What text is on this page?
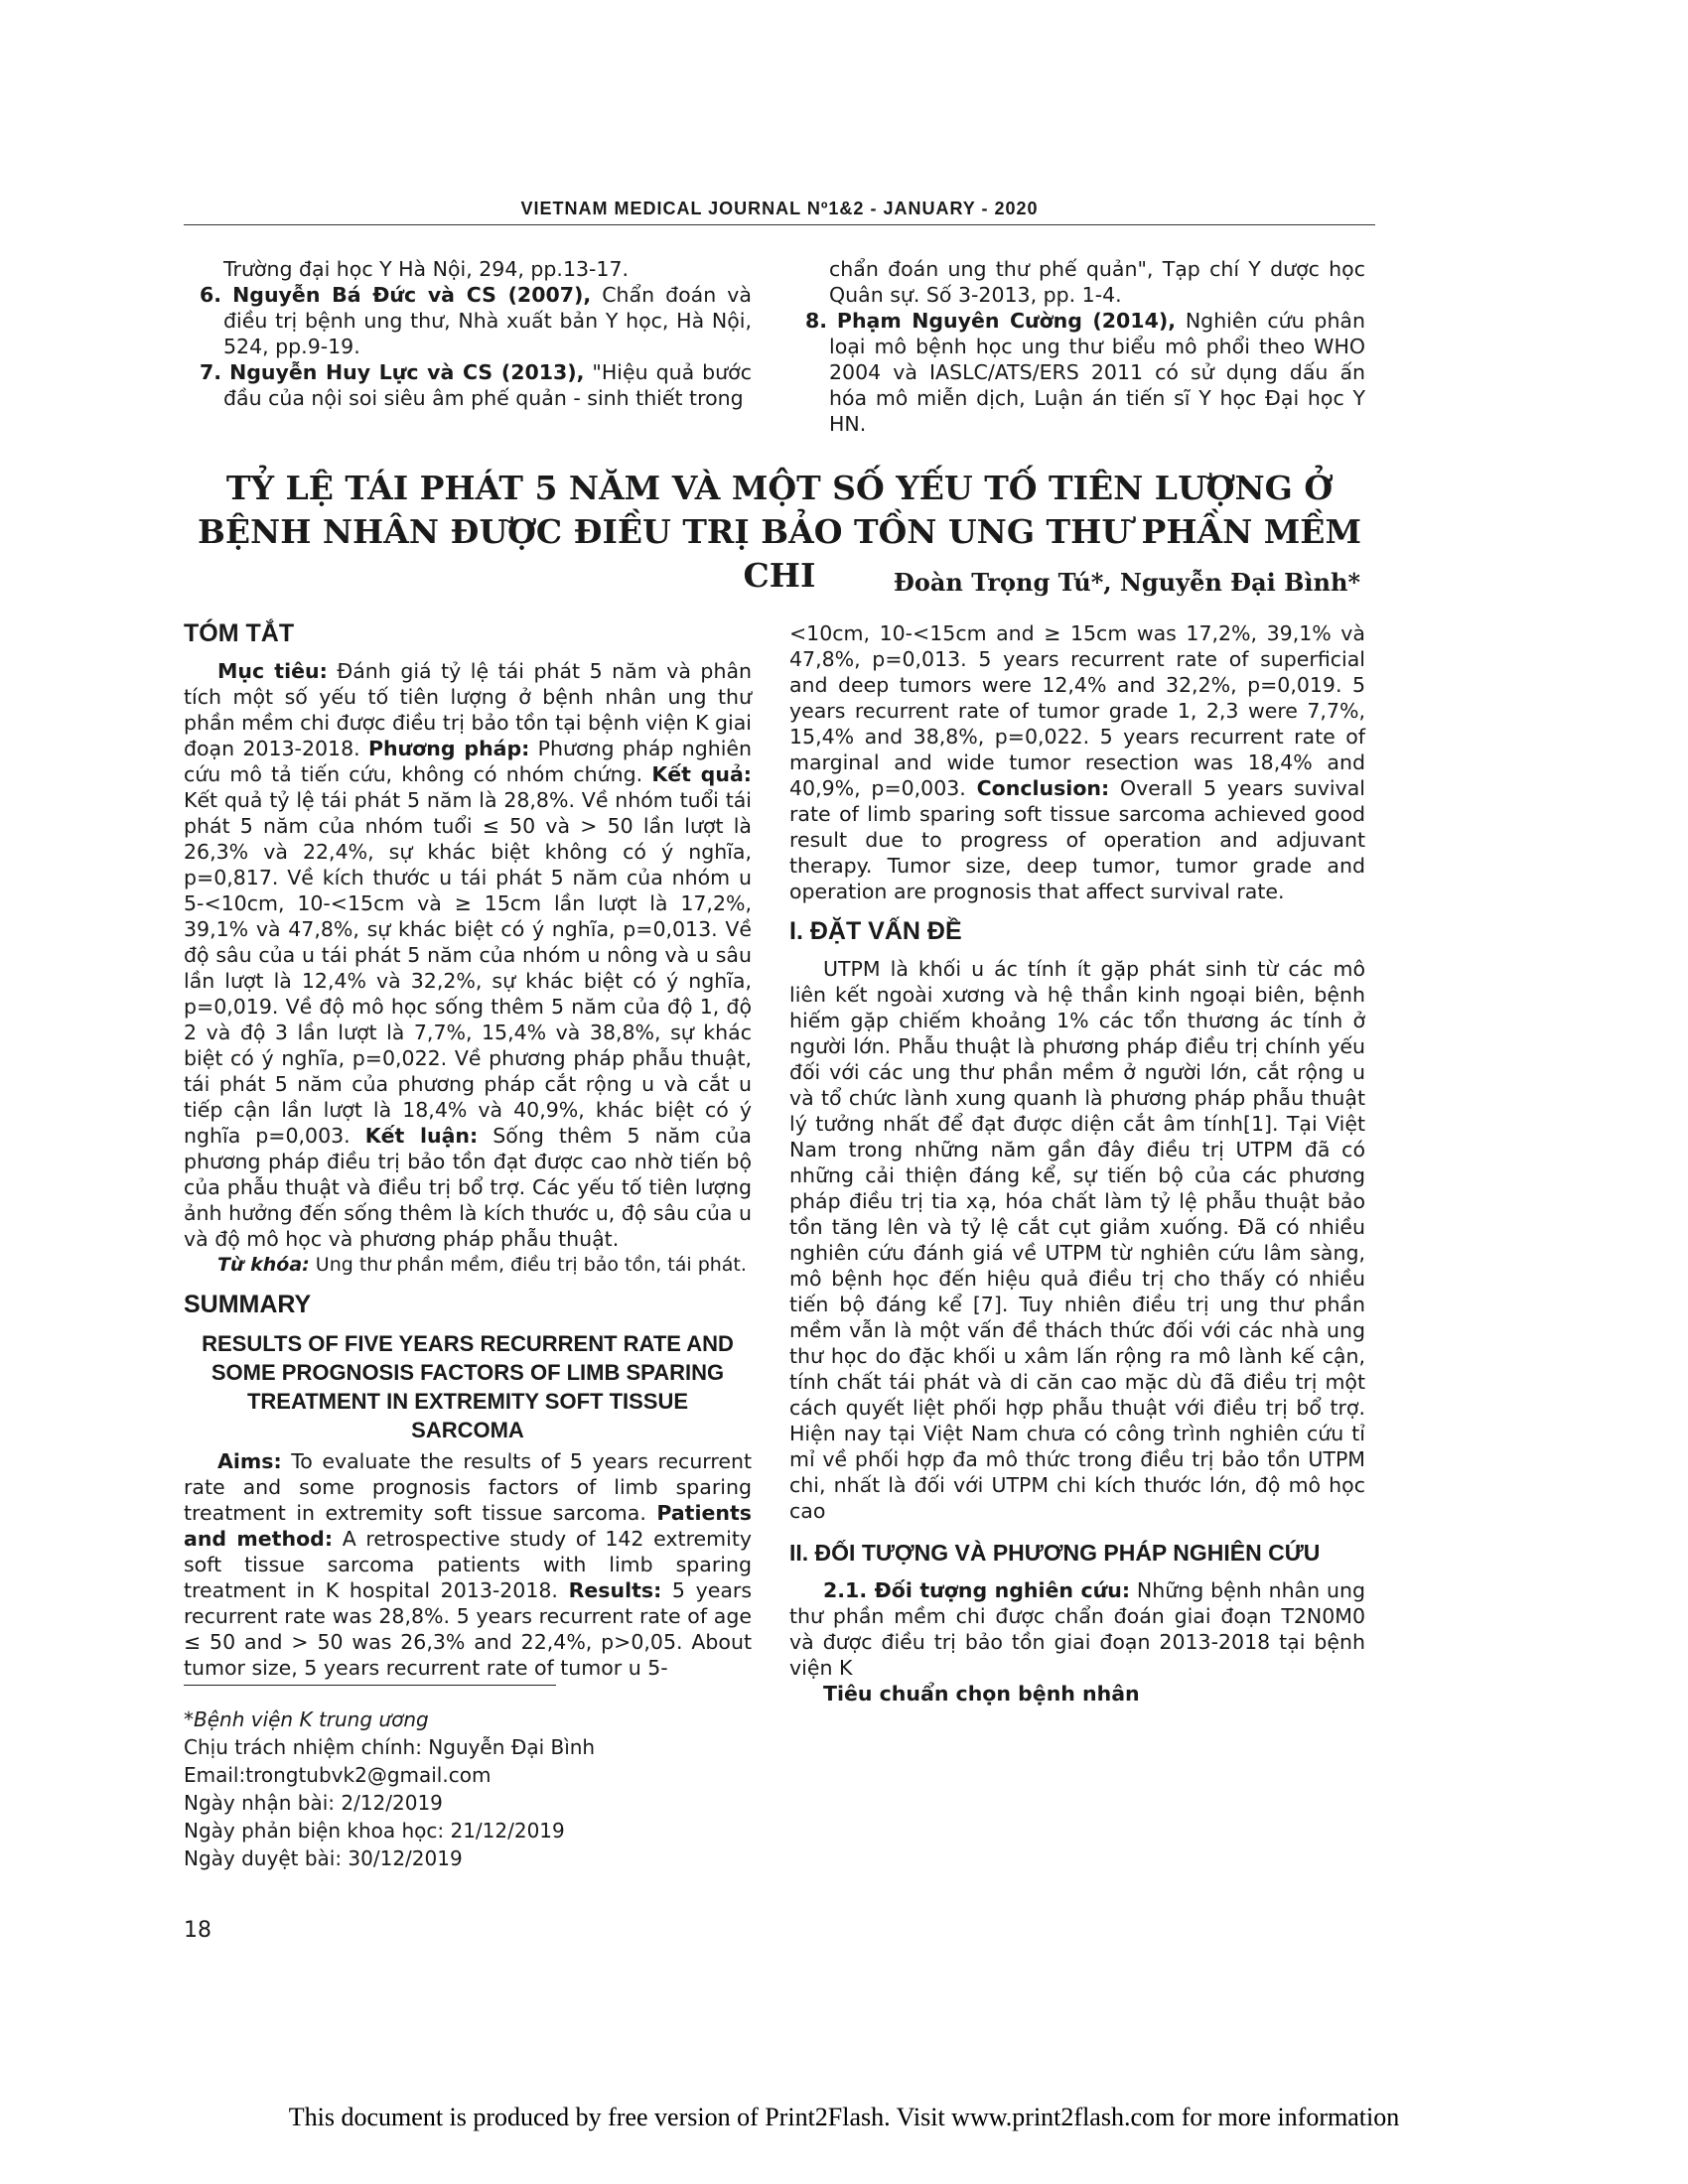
VIETNAM MEDICAL JOURNAL Nº1&2 - JANUARY - 2020

Trường đại học Y Hà Nội, 294, pp.13-17.

6. Nguyễn Bá Đức và CS (2007), Chẩn đoán và điều trị bệnh ung thư, Nhà xuất bản Y học, Hà Nội, 524, pp.9-19.

7. Nguyễn Huy Lực và CS (2013), "Hiệu quả bước đầu của nội soi siêu âm phế quản - sinh thiết trong

chẩn đoán ung thư phế quản", Tạp chí Y dược học Quân sự. Số 3-2013, pp. 1-4.

8. Phạm Nguyên Cường (2014), Nghiên cứu phân loại mô bệnh học ung thư biểu mô phổi theo WHO 2004 và IASLC/ATS/ERS 2011 có sử dụng dấu ấn hóa mô miễn dịch, Luận án tiến sĩ Y học Đại học Y HN.

TỶ LỆ TÁI PHÁT 5 NĂM VÀ MỘT SỐ YẾU TỐ TIÊN LƯỢNG Ở
BỆNH NHÂN ĐƯỢC ĐIỀU TRỊ BẢO TỒN UNG THƯ PHẦN MỀM CHI	Đoàn Trọng Tú*, Nguyễn Đại Bình*
TÓM TẮT

Mục tiêu: Đánh giá tỷ lệ tái phát 5 năm và phân tích một số yếu tố tiên lượng ở bệnh nhân ung thư phần mềm chi được điều trị bảo tồn tại bệnh viện K giai đoạn 2013-2018. Phương pháp: Phương pháp nghiên cứu mô tả tiến cứu, không có nhóm chứng. Kết quả: Kết quả tỷ lệ tái phát 5 năm là 28,8%. Về nhóm tuổi tái phát 5 năm của nhóm tuổi ≤ 50 và > 50 lần lượt là 26,3% và 22,4%, sự khác biệt không có ý nghĩa, p=0,817. Về kích thước u tái phát 5 năm của nhóm u 5-<10cm, 10-<15cm và ≥ 15cm lần lượt là 17,2%, 39,1% và 47,8%, sự khác biệt có ý nghĩa, p=0,013. Về độ sâu của u tái phát 5 năm của nhóm u nông và u sâu lần lượt là 12,4% và 32,2%, sự khác biệt có ý nghĩa, p=0,019. Về độ mô học sống thêm 5 năm của độ 1, độ 2 và độ 3 lần lượt là 7,7%, 15,4% và 38,8%, sự khác biệt có ý nghĩa, p=0,022. Về phương pháp phẫu thuật, tái phát 5 năm của phương pháp cắt rộng u và cắt u tiếp cận lần lượt là 18,4% và 40,9%, khác biệt có ý nghĩa p=0,003. Kết luận: Sống thêm 5 năm của phương pháp điều trị bảo tồn đạt được cao nhờ tiến bộ của phẫu thuật và điều trị bổ trợ. Các yếu tố tiên lượng ảnh hưởng đến sống thêm là kích thước u, độ sâu của u và độ mô học và phương pháp phẫu thuật.

Từ khóa: Ung thư phần mềm, điều trị bảo tồn, tái phát.

SUMMARY
RESULTS OF FIVE YEARS RECURRENT RATE AND SOME PROGNOSIS FACTORS OF LIMB SPARING TREATMENT IN EXTREMITY SOFT TISSUE SARCOMA

Aims: To evaluate the results of 5 years recurrent rate and some prognosis factors of limb sparing treatment in extremity soft tissue sarcoma. Patients and method: A retrospective study of 142 extremity soft tissue sarcoma patients with limb sparing treatment in K hospital 2013-2018. Results: 5 years recurrent rate was 28,8%. 5 years recurrent rate of age ≤ 50 and > 50 was 26,3% and 22,4%, p>0,05. About tumor size, 5 years recurrent rate of tumor u 5-

<10cm, 10-<15cm and ≥ 15cm was 17,2%, 39,1% và 47,8%, p=0,013. 5 years recurrent rate of superficial and deep tumors were 12,4% and 32,2%, p=0,019. 5 years recurrent rate of tumor grade 1, 2,3 were 7,7%, 15,4% and 38,8%, p=0,022. 5 years recurrent rate of marginal and wide tumor resection was 18,4% and 40,9%, p=0,003. Conclusion: Overall 5 years suvival rate of limb sparing soft tissue sarcoma achieved good result due to progress of operation and adjuvant therapy. Tumor size, deep tumor, tumor grade and operation are prognosis that affect survival rate.

I. ĐẶT VẤN ĐỀ

UTPM là khối u ác tính ít gặp phát sinh từ các mô liên kết ngoài xương và hệ thần kinh ngoại biên, bệnh hiếm gặp chiếm khoảng 1% các tổn thương ác tính ở người lớn. Phẫu thuật là phương pháp điều trị chính yếu đối với các ung thư phần mềm ở người lớn, cắt rộng u và tổ chức lành xung quanh là phương pháp phẫu thuật lý tưởng nhất để đạt được diện cắt âm tính[1]. Tại Việt Nam trong những năm gần đây điều trị UTPM đã có những cải thiện đáng kể, sự tiến bộ của các phương pháp điều trị tia xạ, hóa chất làm tỷ lệ phẫu thuật bảo tồn tăng lên và tỷ lệ cắt cụt giảm xuống. Đã có nhiều nghiên cứu đánh giá về UTPM từ nghiên cứu lâm sàng, mô bệnh học đến hiệu quả điều trị cho thấy có nhiều tiến bộ đáng kể [7]. Tuy nhiên điều trị ung thư phần mềm vẫn là một vấn đề thách thức đối với các nhà ung thư học do đặc khối u xâm lấn rộng ra mô lành kế cận, tính chất tái phát và di căn cao mặc dù đã điều trị một cách quyết liệt phối hợp phẫu thuật với điều trị bổ trợ. Hiện nay tại Việt Nam chưa có công trình nghiên cứu tỉ mỉ về phối hợp đa mô thức trong điều trị bảo tồn UTPM chi, nhất là đối với UTPM chi kích thước lớn, độ mô học cao

II. ĐỐI TƯỢNG VÀ PHƯƠNG PHÁP NGHIÊN CỨU

2.1. Đối tượng nghiên cứu: Những bệnh nhân ung thư phần mềm chi được chẩn đoán giai đoạn T2N0M0 và được điều trị bảo tồn giai đoạn 2013-2018 tại bệnh viện K

Tiêu chuẩn chọn bệnh nhân

*Bệnh viện K trung ương
Chịu trách nhiệm chính: Nguyễn Đại Bình
Email:trongtubvk2@gmail.com
Ngày nhận bài: 2/12/2019
Ngày phản biện khoa học: 21/12/2019
Ngày duyệt bài: 30/12/2019
18
This document is produced by free version of Print2Flash. Visit www.print2flash.com for more information
